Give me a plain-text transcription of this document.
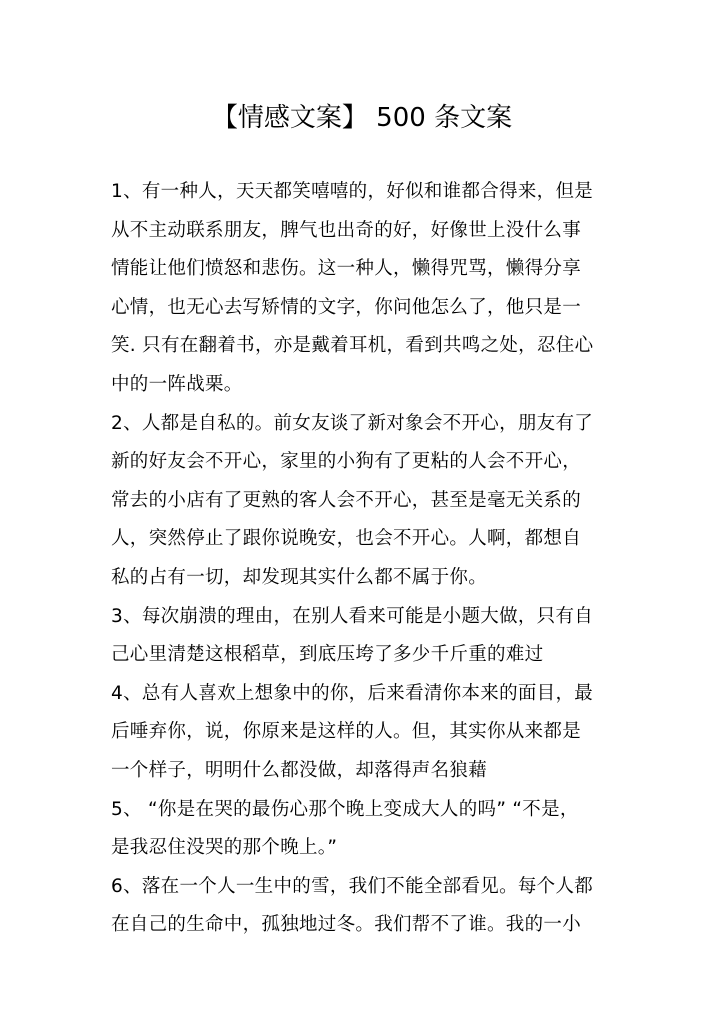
【情感文案】 500 条文案
1、有一种人，天天都笑嘻嘻的，好似和谁都合得来，但是
从不主动联系朋友，脾气也出奇的好，好像世上没什么事
情能让他们愤怒和悲伤。这一种人，懒得咒骂，懒得分享
心情，也无心去写矫情的文字，你问他怎么了，他只是一
笑. 只有在翻着书，亦是戴着耳机，看到共鸣之处，忍住心
中的一阵战栗。
2、人都是自私的。前女友谈了新对象会不开心，朋友有了
新的好友会不开心，家里的小狗有了更粘的人会不开心，
常去的小店有了更熟的客人会不开心，甚至是毫无关系的
人，突然停止了跟你说晚安，也会不开心。人啊，都想自
私的占有一切，却发现其实什么都不属于你。
3、每次崩溃的理由，在别人看来可能是小题大做，只有自
己心里清楚这根稻草，到底压垮了多少千斤重的难过
4、总有人喜欢上想象中的你，后来看清你本来的面目，最
后唾弃你，说，你原来是这样的人。但，其实你从来都是
一个样子，明明什么都没做，却落得声名狼藉
5、 “你是在哭的最伤心那个晚上变成大人的吗” “不是，
是我忍住没哭的那个晚上。”
6、落在一个人一生中的雪，我们不能全部看见。每个人都
在自己的生命中，孤独地过冬。我们帮不了谁。我的一小
